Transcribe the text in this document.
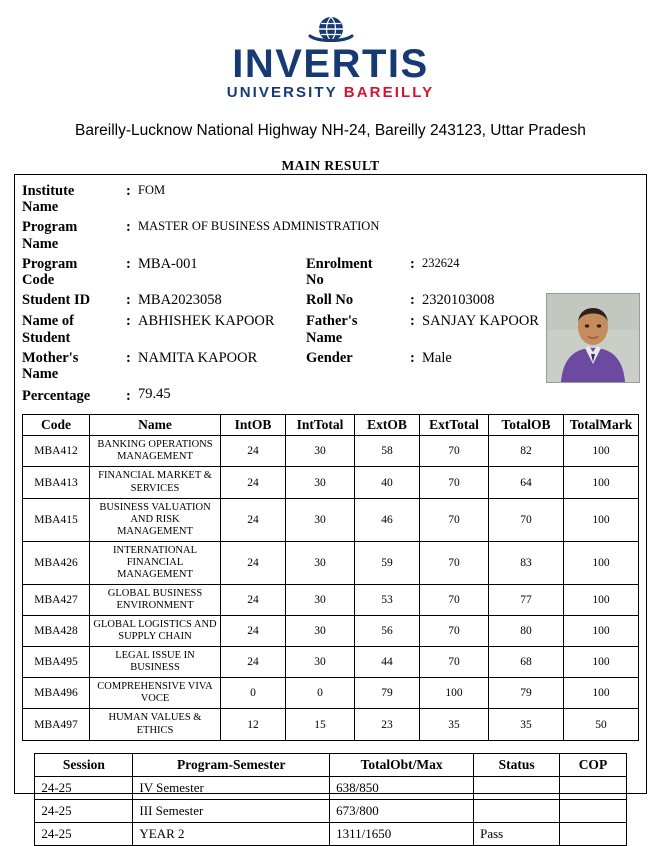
INVERTIS
UNIVERSITY BAREILLY
Bareilly-Lucknow National Highway NH-24, Bareilly 243123, Uttar Pradesh
MAIN RESULT
Institute
Name	:	FOM			
Program
Name	:	MASTER OF BUSINESS ADMINISTRATION			
Program
Code	:	MBA-001	Enrolment
No	:	232624
Student ID	:	MBA2023058	Roll No	:	2320103008
Name of
Student	:	ABHISHEK KAPOOR	Father's
Name	:	SANJAY KAPOOR
Mother's
Name	:	NAMITA KAPOOR	Gender	:	Male
Percentage	:	79.45			
Code	Name	IntOB	IntTotal	ExtOB	ExtTotal	TotalOB	TotalMark
MBA412	BANKING OPERATIONS MANAGEMENT	24	30	58	70	82	100
MBA413	FINANCIAL MARKET & SERVICES	24	30	40	70	64	100
MBA415	BUSINESS VALUATION AND RISK MANAGEMENT	24	30	46	70	70	100
MBA426	INTERNATIONAL FINANCIAL MANAGEMENT	24	30	59	70	83	100
MBA427	GLOBAL BUSINESS ENVIRONMENT	24	30	53	70	77	100
MBA428	GLOBAL LOGISTICS AND SUPPLY CHAIN	24	30	56	70	80	100
MBA495	LEGAL ISSUE IN BUSINESS	24	30	44	70	68	100
MBA496	COMPREHENSIVE VIVA VOCE	0	0	79	100	79	100
MBA497	HUMAN VALUES & ETHICS	12	15	23	35	35	50
Session	Program-Semester	TotalObt/Max	Status	COP
24-25	IV Semester	638/850		
24-25	III Semester	673/800		
24-25	YEAR 2	1311/1650	Pass	
